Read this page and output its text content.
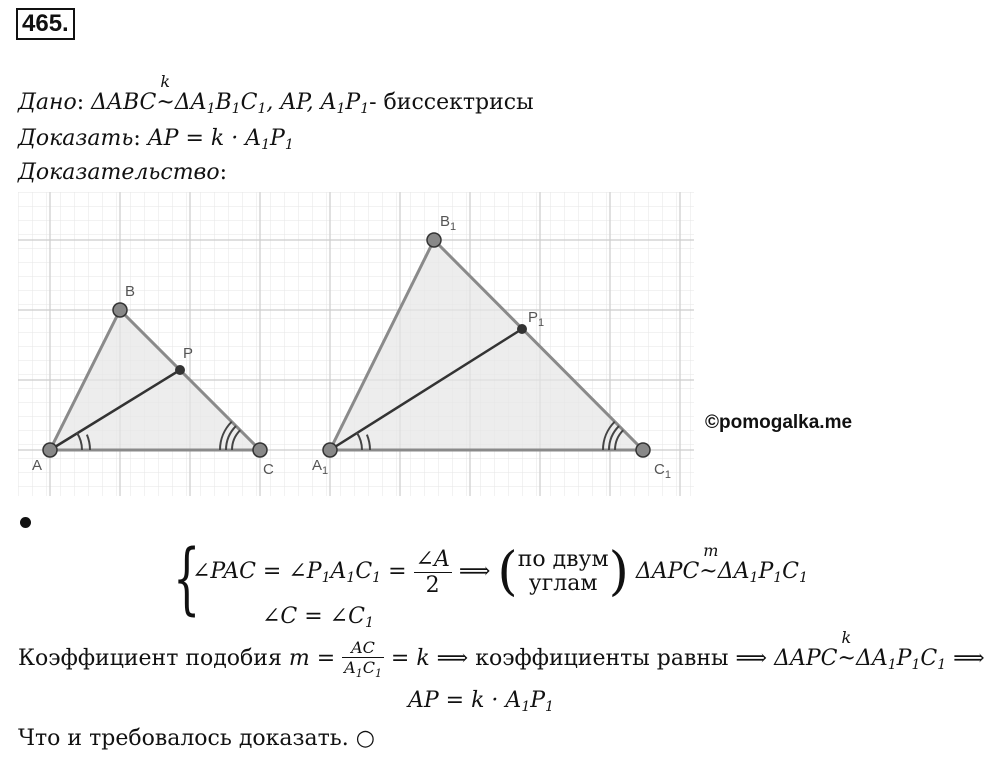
465.
Дано: ΔABC
k
$\sim\Delta A_1B_1C_1$, AP, $A_1P_1-$ биссектрисы
Доказать: AP = $k \cdot A_1P_1$
Доказательство:
A
B
C
P
$A_1$
$B_1$
$C_1$
$P_1$
©pomogalka.me
{
∠PAC = $\angle P_1A_1C_1 = \frac{\angle A}{2}$ ⟹ ( по двум
углам ) ΔAPC
m
$\sim\Delta A_1P_1C_1$
∠C = $\angle C_1$
Коэффициент подобия $m = \frac{AC}{A_1C_1} = k$ ⟹ коэффициенты равны ⟹ ΔAPC
k
$\sim\Delta A_1P_1C_1$ ⟹
AP = $k \cdot A_1P_1$
Что и требовалось доказать. ○
